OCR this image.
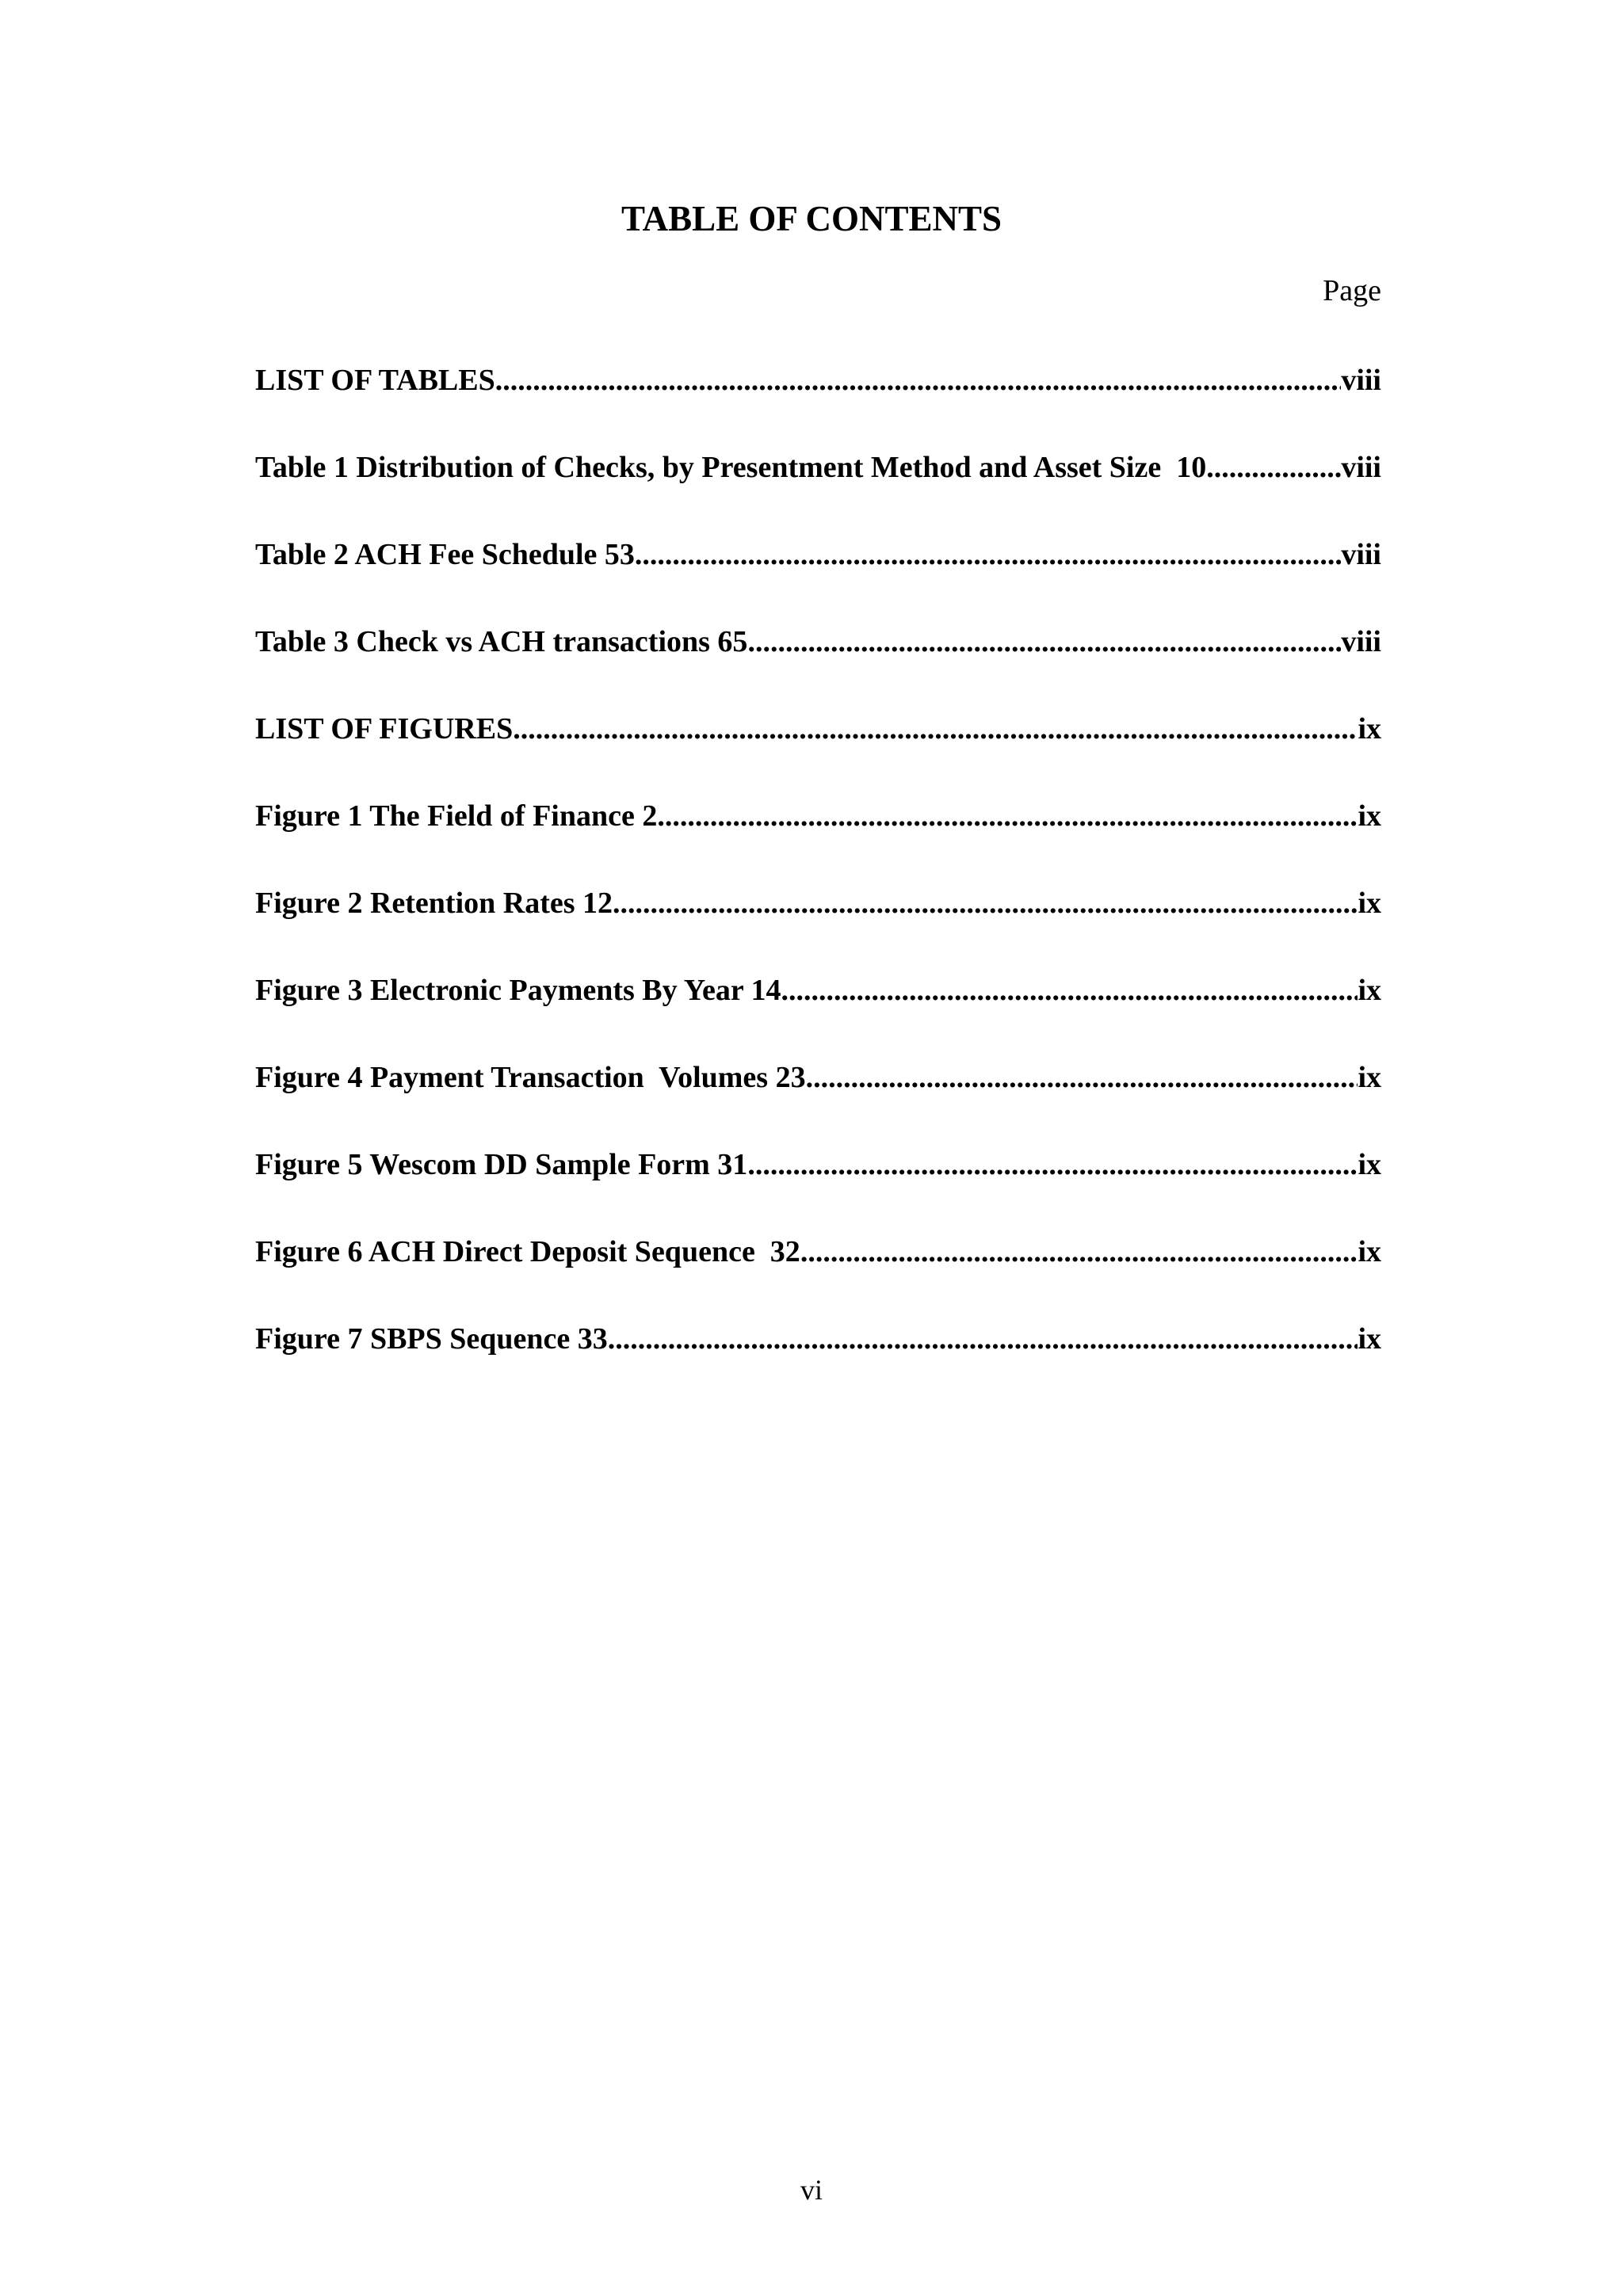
TABLE OF CONTENTS
Page
LIST OF TABLES .....	viii
Table 1 Distribution of Checks, by Presentment Method and Asset Size  10 .....	viii
Table 2 ACH Fee Schedule 53 .....	viii
Table 3 Check vs ACH transactions 65 .....	viii
LIST OF FIGURES .....	ix
Figure 1 The Field of Finance 2 .....	ix
Figure 2 Retention Rates 12 .....	ix
Figure 3 Electronic Payments By Year 14 .....	ix
Figure 4 Payment Transaction  Volumes 23 .....	ix
Figure 5 Wescom DD Sample Form 31 .....	ix
Figure 6 ACH Direct Deposit Sequence  32 .....	ix
Figure 7 SBPS Sequence 33 .....	ix
vi
